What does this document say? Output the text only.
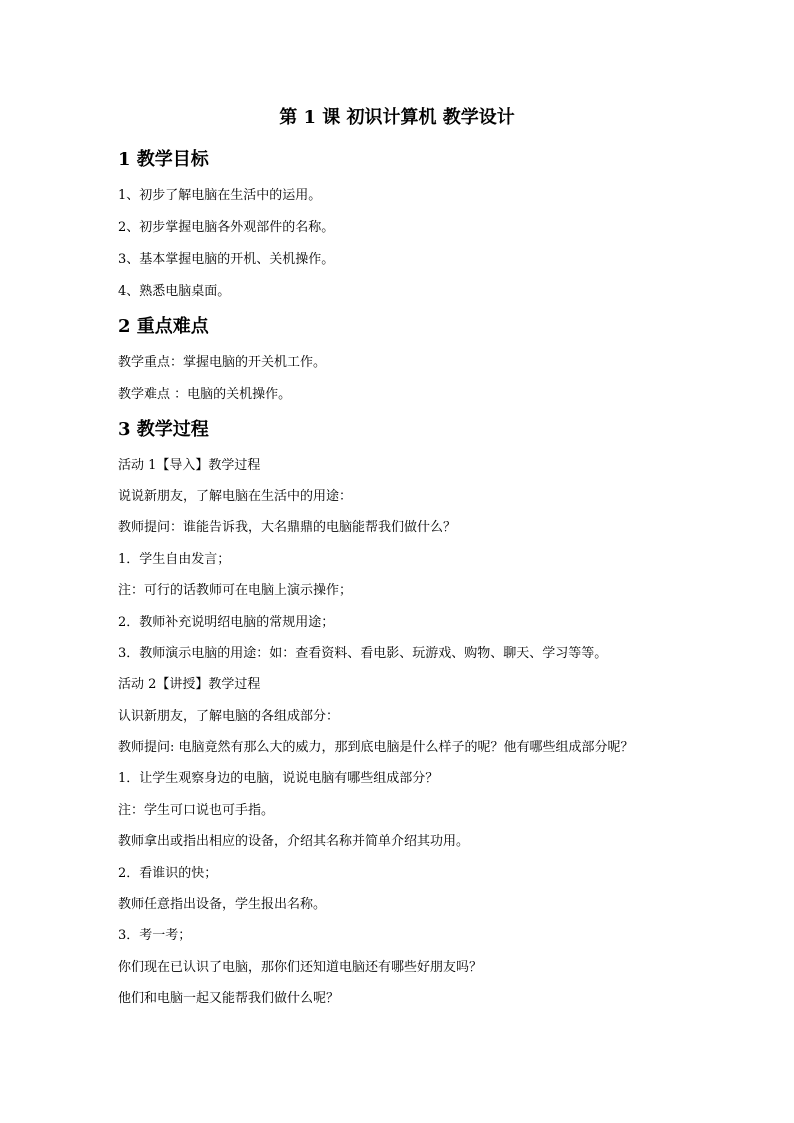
第 1 课 初识计算机 教学设计
1 教学目标
1、初步了解电脑在生活中的运用。
2、初步掌握电脑各外观部件的名称。
3、基本掌握电脑的开机、关机操作。
4、熟悉电脑桌面。
2 重点难点
教学重点：掌握电脑的开关机工作。
教学难点 ：电脑的关机操作。
3 教学过程
活动 1【导入】教学过程
说说新朋友，了解电脑在生活中的用途：
教师提问：谁能告诉我，大名鼎鼎的电脑能帮我们做什么？
1．学生自由发言；
注：可行的话教师可在电脑上演示操作；
2．教师补充说明绍电脑的常规用途；
3．教师演示电脑的用途：如：查看资料、看电影、玩游戏、购物、聊天、学习等等。
活动 2【讲授】教学过程
认识新朋友，了解电脑的各组成部分：
教师提问: 电脑竟然有那么大的威力，那到底电脑是什么样子的呢？他有哪些组成部分呢？
1．让学生观察身边的电脑，说说电脑有哪些组成部分？
注：学生可口说也可手指。
教师拿出或指出相应的设备，介绍其名称并简单介绍其功用。
2．看谁识的快；
教师任意指出设备，学生报出名称。
3．考一考；
你们现在已认识了电脑，那你们还知道电脑还有哪些好朋友吗？
他们和电脑一起又能帮我们做什么呢？
